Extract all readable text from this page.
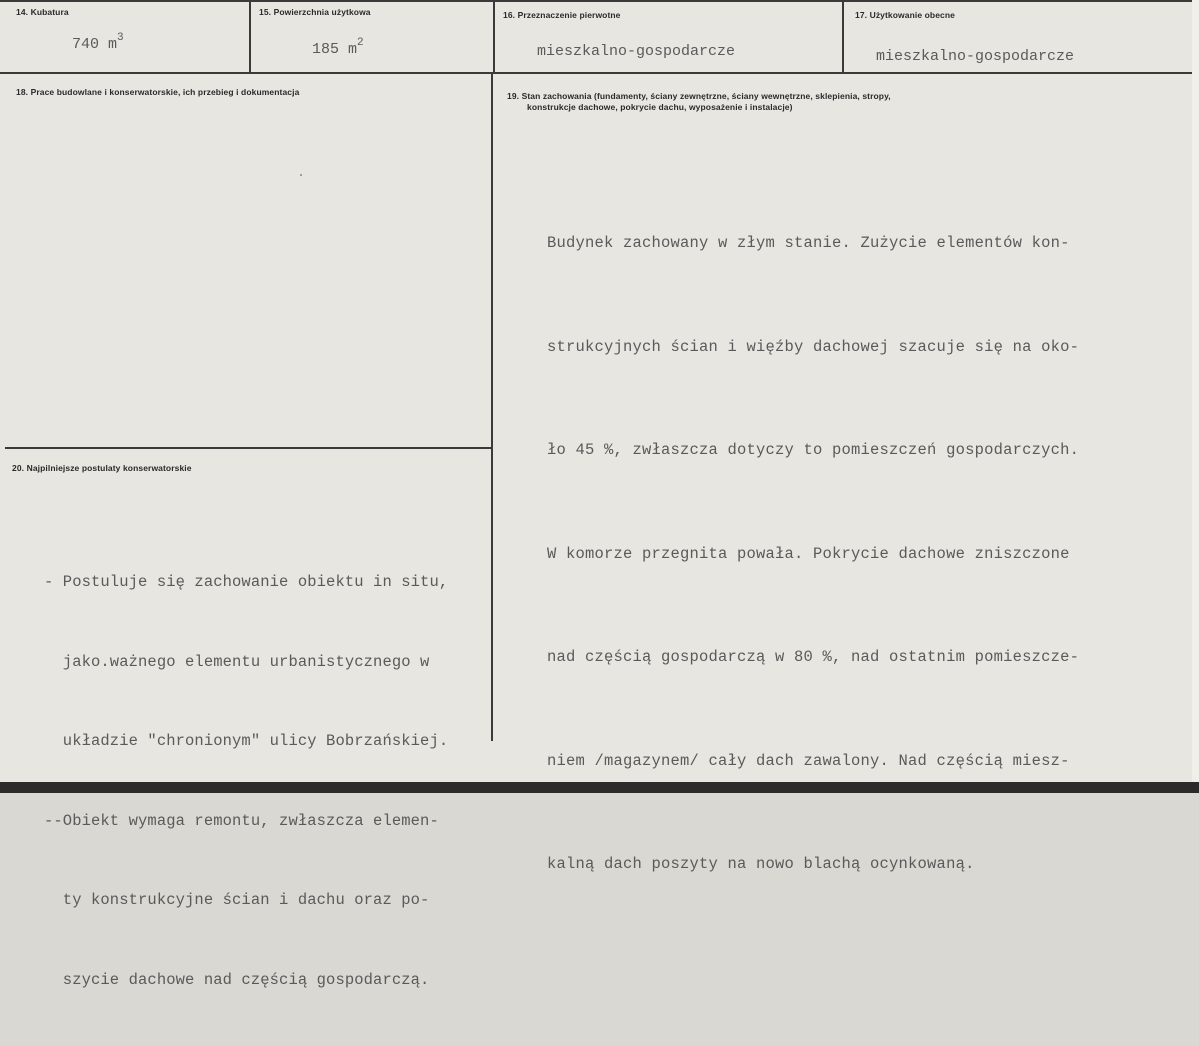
14. Kubatura
740 $m^3$
15. Powierzchnia użytkowa
185 $m^2$
16. Przeznaczenie pierwotne
mieszkalno-gospodarcze
17. Użytkowanie obecne
mieszkalno-gospodarcze
18. Prace budowlane i konserwatorskie, ich przebieg i dokumentacja	19. Stan zachowania (fundamenty, ściany zewnętrzne, ściany wewnętrzne, sklepienia, stropy,
konstrukcje dachowe, pokrycie dachu, wyposażenie i instalacje)

Budynek zachowany w złym stanie. Zużycie elementów kon-

strukcyjnych ścian i więźby dachowej szacuje się na oko-

ło 45 %, zwłaszcza dotyczy to pomieszczeń gospodarczych.

W komorze przegnita powała. Pokrycie dachowe zniszczone

nad częścią gospodarczą w 80 %, nad ostatnim pomieszcze-

niem /magazynem/ cały dach zawalony. Nad częścią miesz-

kalną dach poszyty na nowo blachą ocynkowaną.

20. Najpilniejsze postulaty konserwatorskie

- Postuluje się zachowanie obiektu in situ,

jako.ważnego elementu urbanistycznego w

układzie "chronionym" ulicy Bobrzańskiej.

--Obiekt wymaga remontu, zwłaszcza elemen-

ty konstrukcyjne ścian i dachu oraz po-

szycie dachowe nad częścią gospodarczą.
